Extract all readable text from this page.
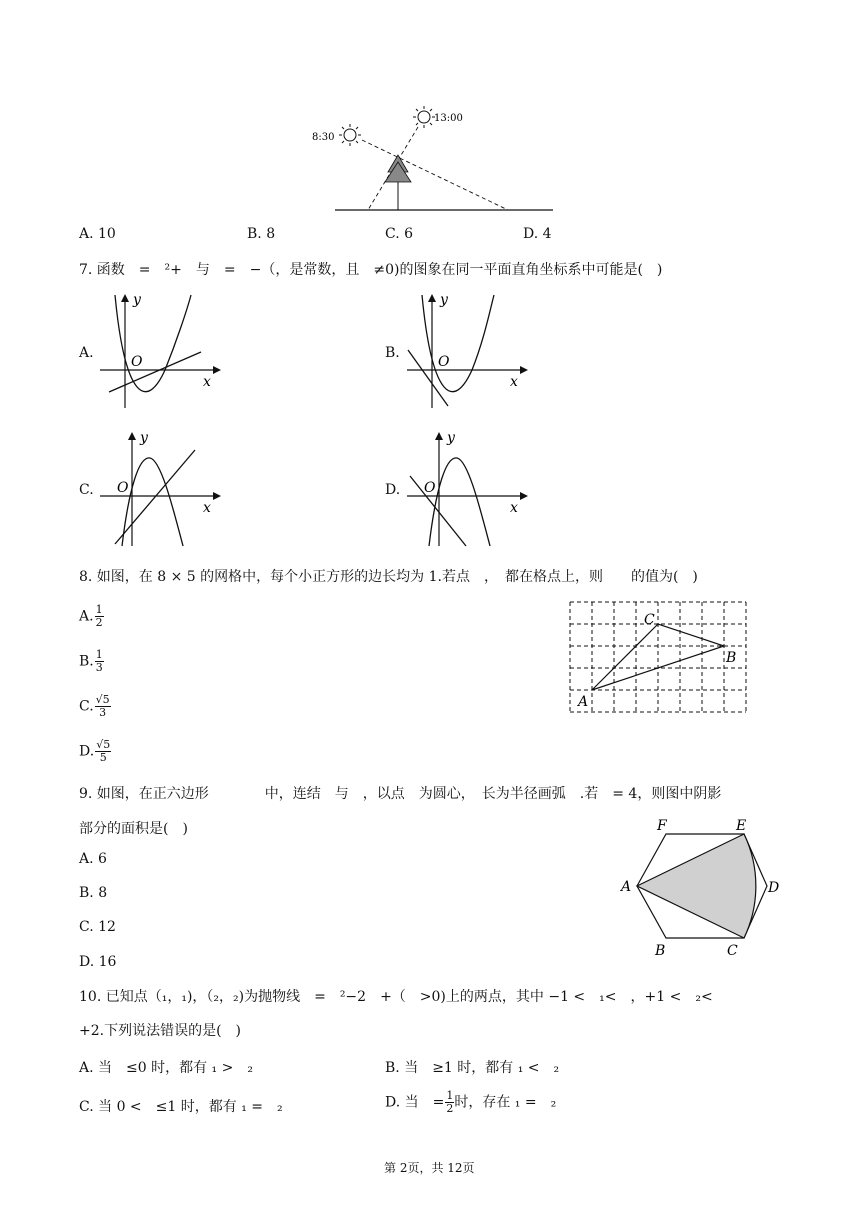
8:30
13:00
A. 10	B. 8	C. 6	D. 4
7. 函数　=　²+　与　=　−（，是常数，且　≠0)的图象在同一平面直角坐标系中可能是(　)
A.	B.
C.	D.
y
x
O
y
x
O
y
x
O
y
x
O
8. 如图，在 8 × 5 的网格中，每个小正方形的边长均为 1.若点　，　都在格点上，则　　的值为(　)
A. $\frac{1}{2}$
B. $\frac{1}{3}$
C. $\frac{√5}{3}$
D. $\frac{√5}{5}$
A
B
C
9. 如图，在正六边形　　　　中，连结　与　，以点　为圆心，　长为半径画弧　.若　= 4，则图中阴影
部分的面积是(　)
A. 6
B. 8
C. 12
D. 16
A
B	C
D
E
F
10. 已知点（₁，₁)，（₂，₂)为抛物线　=　²−2　+（　>0)上的两点，其中 −1 <　₁<　，+1 <　₂<
+2.下列说法错误的是(　)
A. 当　≤0 时，都有 ₁ >　₂	B. 当　≥1 时，都有 ₁ <　₂
C. 当 0 <　≤1 时，都有 ₁ =　₂	D. 当　= $\frac{1}{2}$ 时，存在 ₁ =　₂
第 2页，共 12页
